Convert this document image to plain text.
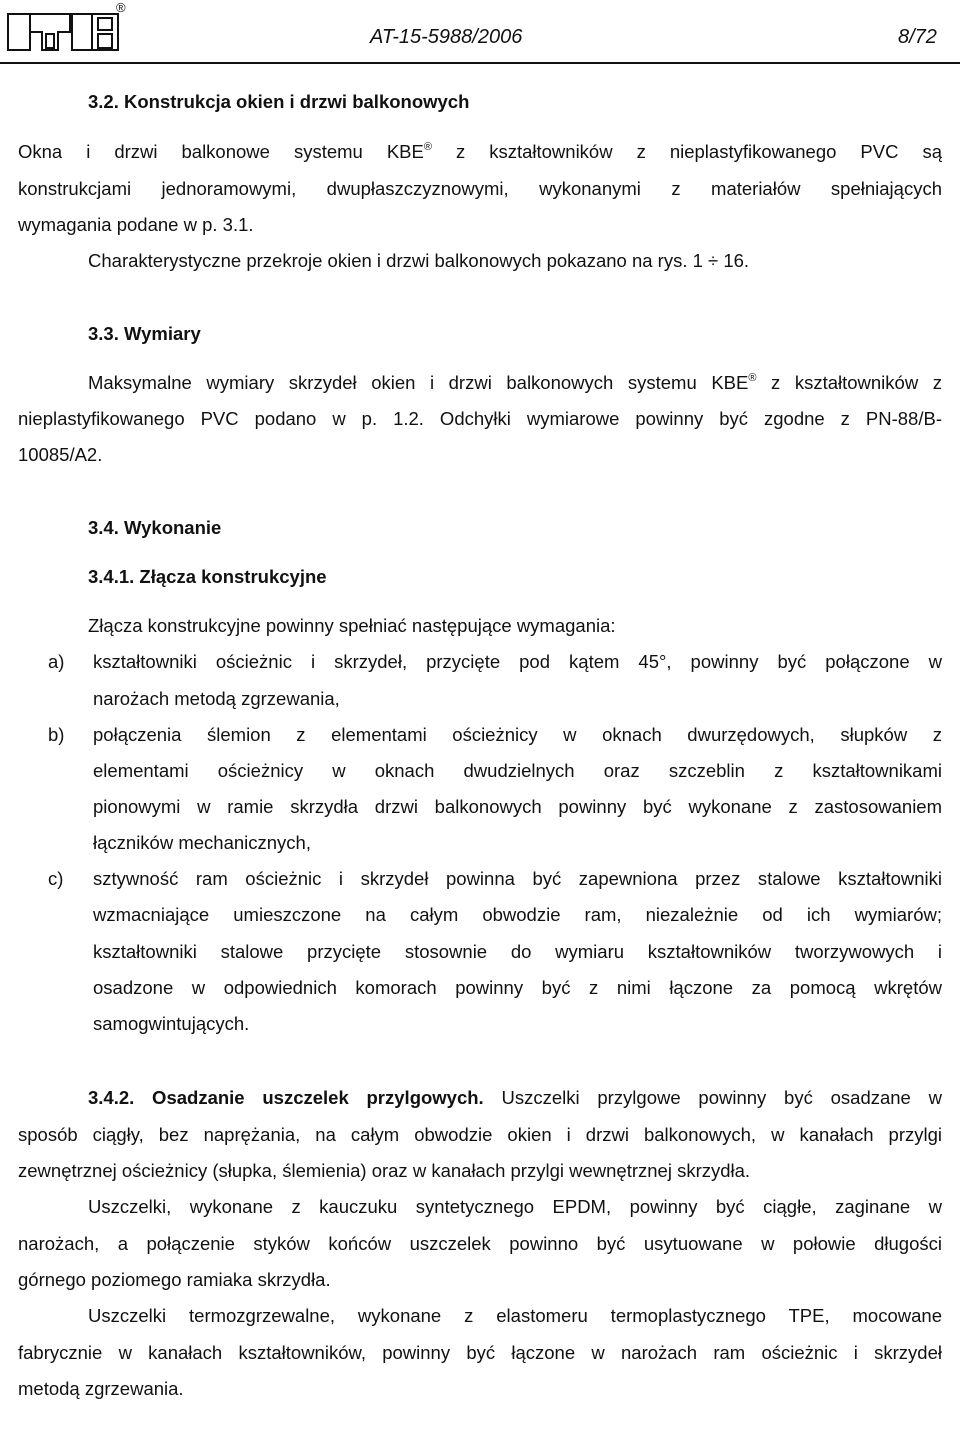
®
AT-15-5988/2006	8/72
3.2. Konstrukcja okien i drzwi balkonowych
Okna i drzwi balkonowe systemu KBE® z kształtowników z nieplastyfikowanego PVC są
konstrukcjami jednoramowymi, dwupłaszczyznowymi, wykonanymi z materiałów spełniających
wymagania podane w p. 3.1.
Charakterystyczne przekroje okien i drzwi balkonowych pokazano na rys. 1 ÷ 16.
3.3. Wymiary
Maksymalne wymiary skrzydeł okien i drzwi balkonowych systemu KBE® z kształtowników z
nieplastyfikowanego PVC podano w p. 1.2. Odchyłki wymiarowe powinny być zgodne z PN-88/B-
10085/A2.
3.4. Wykonanie
3.4.1. Złącza konstrukcyjne
Złącza konstrukcyjne powinny spełniać następujące wymagania:
a) kształtowniki ościeżnic i skrzydeł, przycięte pod kątem 45°, powinny być połączone w
narożach metodą zgrzewania,
b) połączenia ślemion z elementami ościeżnicy w oknach dwurzędowych, słupków z
elementami ościeżnicy w oknach dwudzielnych oraz szczeblin z kształtownikami
pionowymi w ramie skrzydła drzwi balkonowych powinny być wykonane z zastosowaniem
łączników mechanicznych,
c) sztywność ram ościeżnic i skrzydeł powinna być zapewniona przez stalowe kształtowniki
wzmacniające umieszczone na całym obwodzie ram, niezależnie od ich wymiarów;
kształtowniki stalowe przycięte stosownie do wymiaru kształtowników tworzywowych i
osadzone w odpowiednich komorach powinny być z nimi łączone za pomocą wkrętów
samogwintujących.
3.4.2. Osadzanie uszczelek przylgowych. Uszczelki przylgowe powinny być osadzane w
sposób ciągły, bez naprężania, na całym obwodzie okien i drzwi balkonowych, w kanałach przylgi
zewnętrznej ościeżnicy (słupka, ślemienia) oraz w kanałach przylgi wewnętrznej skrzydła.
Uszczelki, wykonane z kauczuku syntetycznego EPDM, powinny być ciągłe, zaginane w
narożach, a połączenie styków końców uszczelek powinno być usytuowane w połowie długości
górnego poziomego ramiaka skrzydła.
Uszczelki termozgrzewalne, wykonane z elastomeru termoplastycznego TPE, mocowane
fabrycznie w kanałach kształtowników, powinny być łączone w narożach ram ościeżnic i skrzydeł
metodą zgrzewania.
